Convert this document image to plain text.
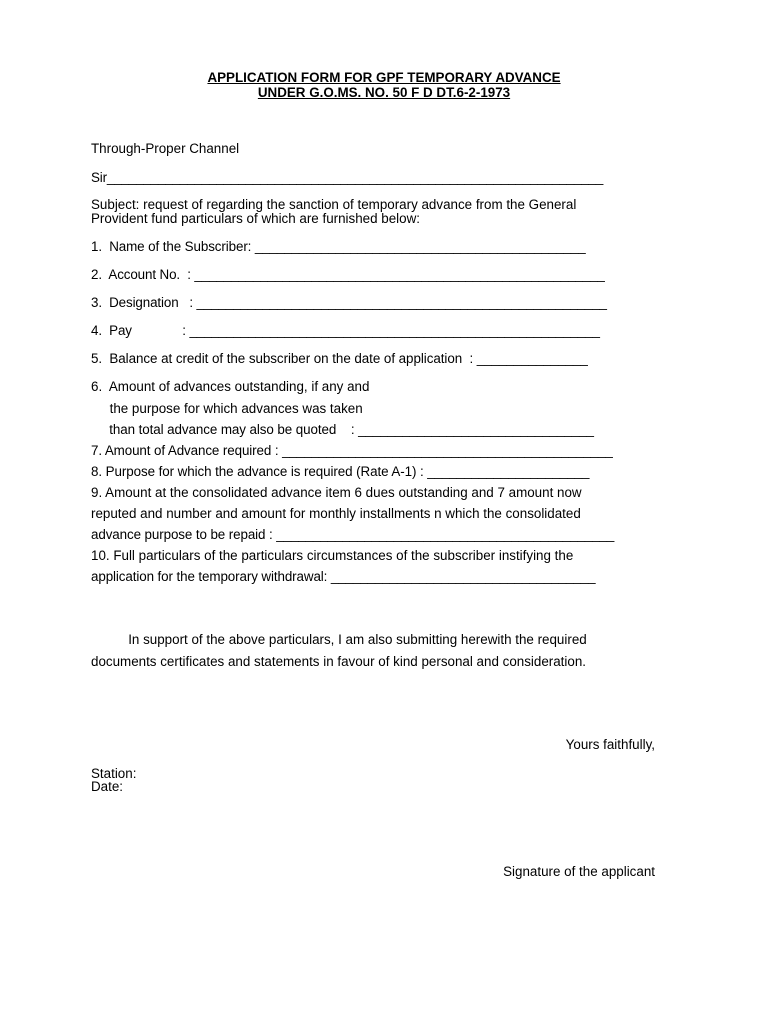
APPLICATION FORM FOR GPF TEMPORARY ADVANCE
UNDER G.O.MS. NO. 50 F D DT.6-2-1973
Through-Proper Channel
Sir____________________________________________________________________
Subject: request of regarding the sanction of temporary advance from the General
Provident fund particulars of which are furnished below:
1.  Name of the Subscriber: _____________________________________________
2.  Account No.  : ________________________________________________________
3.  Designation   : ________________________________________________________
4.  Pay              : ________________________________________________________
5.  Balance at credit of the subscriber on the date of application  : _______________
6.  Amount of advances outstanding, if any and
the purpose for which advances was taken
than total advance may also be quoted    : ________________________________
7. Amount of Advance required : _____________________________________________
8. Purpose for which the advance is required (Rate A-1) : ______________________
9. Amount at the consolidated advance item 6 dues outstanding and 7 amount now
reputed and number and amount for monthly installments n which the consolidated
advance purpose to be repaid : ______________________________________________
10. Full particulars of the particulars circumstances of the subscriber instifying the
application for the temporary withdrawal: ____________________________________
In support of the above particulars, I am also submitting herewith the required
documents certificates and statements in favour of kind personal and consideration.
Yours faithfully,
Station:
Date:
Signature of the applicant
